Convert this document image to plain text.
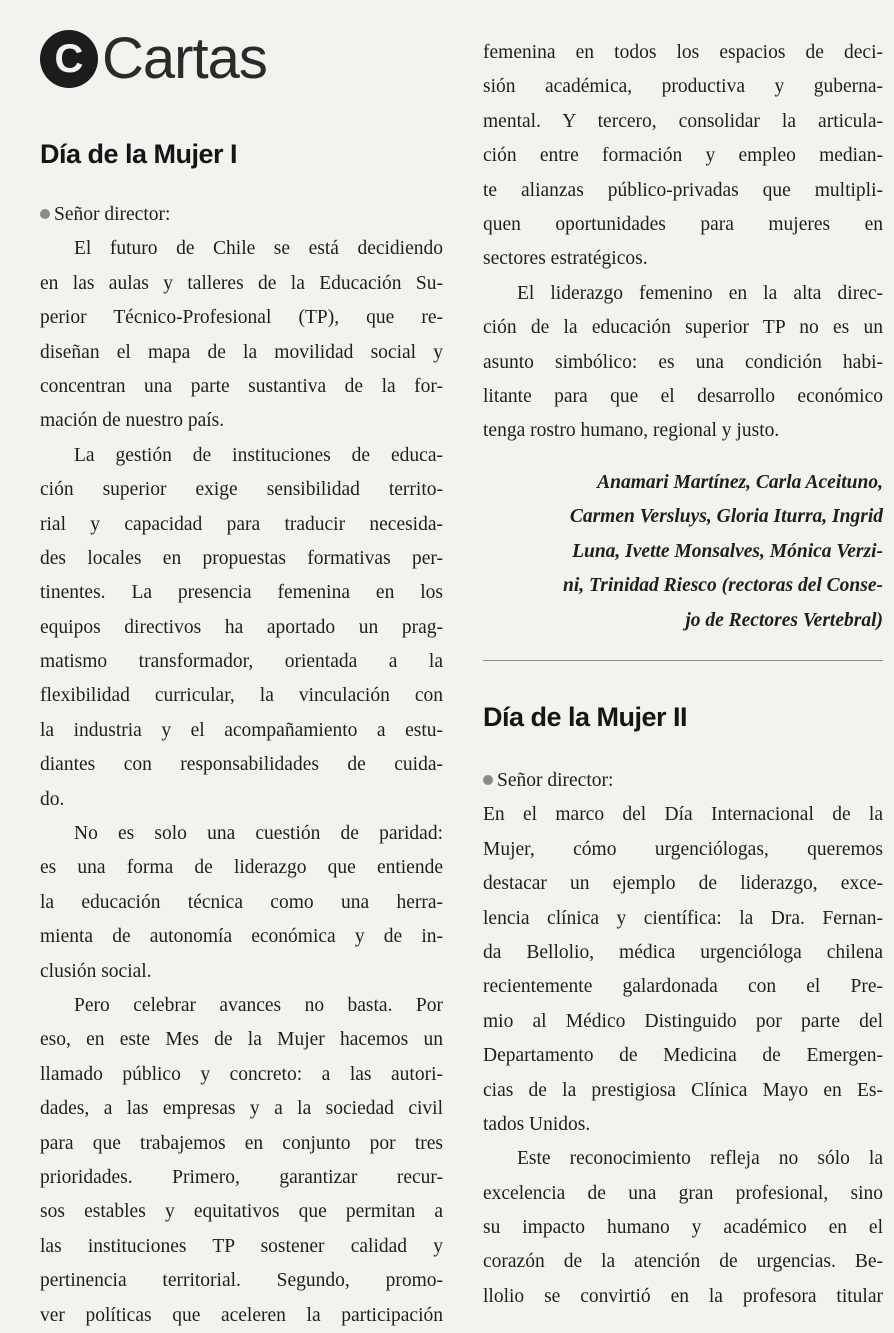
C Cartas
Día de la Mujer I
Señor director:
El futuro de Chile se está decidiendo
en las aulas y talleres de la Educación Su-
perior Técnico-Profesional (TP), que re-
diseñan el mapa de la movilidad social y
concentran una parte sustantiva de la for-
mación de nuestro país.
La gestión de instituciones de educa-
ción superior exige sensibilidad territo-
rial y capacidad para traducir necesida-
des locales en propuestas formativas per-
tinentes. La presencia femenina en los
equipos directivos ha aportado un prag-
matismo transformador, orientada a la
flexibilidad curricular, la vinculación con
la industria y el acompañamiento a estu-
diantes con responsabilidades de cuida-
do.
No es solo una cuestión de paridad:
es una forma de liderazgo que entiende
la educación técnica como una herra-
mienta de autonomía económica y de in-
clusión social.
Pero celebrar avances no basta. Por
eso, en este Mes de la Mujer hacemos un
llamado público y concreto: a las autori-
dades, a las empresas y a la sociedad civil
para que trabajemos en conjunto por tres
prioridades. Primero, garantizar recur-
sos estables y equitativos que permitan a
las instituciones TP sostener calidad y
pertinencia territorial. Segundo, promo-
ver políticas que aceleren la participación
femenina en todos los espacios de deci-
sión académica, productiva y guberna-
mental. Y tercero, consolidar la articula-
ción entre formación y empleo median-
te alianzas público-privadas que multipli-
quen oportunidades para mujeres en
sectores estratégicos.
El liderazgo femenino en la alta direc-
ción de la educación superior TP no es un
asunto simbólico: es una condición habi-
litante para que el desarrollo económico
tenga rostro humano, regional y justo.
Anamari Martínez, Carla Aceituno,
Carmen Versluys, Gloria Iturra, Ingrid
Luna, Ivette Monsalves, Mónica Verzi-
ni, Trinidad Riesco (rectoras del Conse-
jo de Rectores Vertebral)
Día de la Mujer II
Señor director:
En el marco del Día Internacional de la
Mujer, cómo urgenciólogas, queremos
destacar un ejemplo de liderazgo, exce-
lencia clínica y científica: la Dra. Fernan-
da Bellolio, médica urgencióloga chilena
recientemente galardonada con el Pre-
mio al Médico Distinguido por parte del
Departamento de Medicina de Emergen-
cias de la prestigiosa Clínica Mayo en Es-
tados Unidos.
Este reconocimiento refleja no sólo la
excelencia de una gran profesional, sino
su impacto humano y académico en el
corazón de la atención de urgencias. Be-
llolio se convirtió en la profesora titular
